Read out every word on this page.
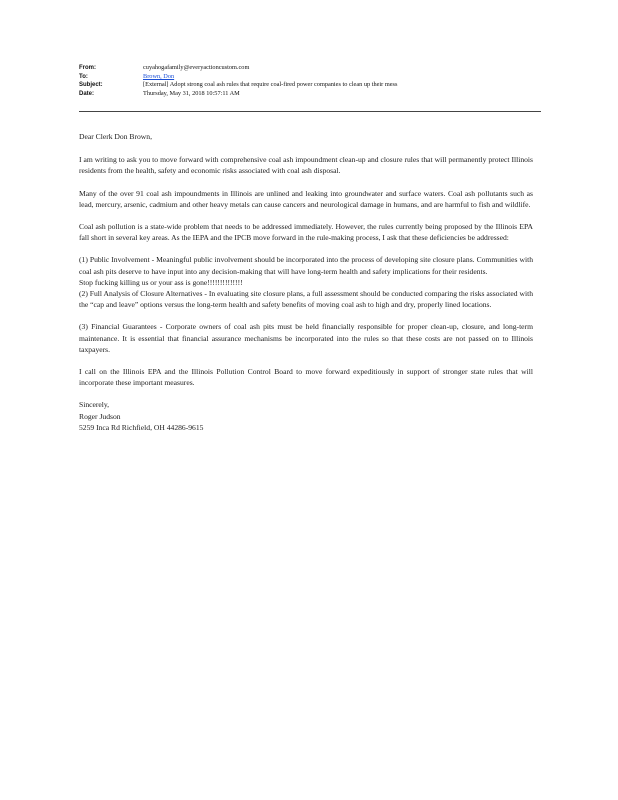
From:	cuyahogafamily@everyactioncustom.com
To:	Brown, Don
Subject:	[External] Adopt strong coal ash rules that require coal-fired power companies to clean up their mess
Date:	Thursday, May 31, 2018 10:57:11 AM

Dear Clerk Don Brown,

I am writing to ask you to move forward with comprehensive coal ash impoundment clean-up and closure rules that will permanently protect Illinois residents from the health, safety and economic risks associated with coal ash disposal.

Many of the over 91 coal ash impoundments in Illinois are unlined and leaking into groundwater and surface waters. Coal ash pollutants such as lead, mercury, arsenic, cadmium and other heavy metals can cause cancers and neurological damage in humans, and are harmful to fish and wildlife.

Coal ash pollution is a state-wide problem that needs to be addressed immediately. However, the rules currently being proposed by the Illinois EPA fall short in several key areas. As the IEPA and the IPCB move forward in the rule-making process, I ask that these deficiencies be addressed:

(1) Public Involvement - Meaningful public involvement should be incorporated into the process of developing site closure plans. Communities with coal ash pits deserve to have input into any decision-making that will have long-term health and safety implications for their residents.
Stop fucking killing us or your ass is gone!!!!!!!!!!!!!!
(2) Full Analysis of Closure Alternatives - In evaluating site closure plans, a full assessment should be conducted comparing the risks associated with the “cap and leave” options versus the long-term health and safety benefits of moving coal ash to high and dry, properly lined locations.

(3) Financial Guarantees - Corporate owners of coal ash pits must be held financially responsible for proper clean-up, closure, and long-term maintenance. It is essential that financial assurance mechanisms be incorporated into the rules so that these costs are not passed on to Illinois taxpayers.

I call on the Illinois EPA and the Illinois Pollution Control Board to move forward expeditiously in support of stronger state rules that will incorporate these important measures.

Sincerely,

Roger Judson

5259 Inca Rd Richfield, OH 44286-9615
